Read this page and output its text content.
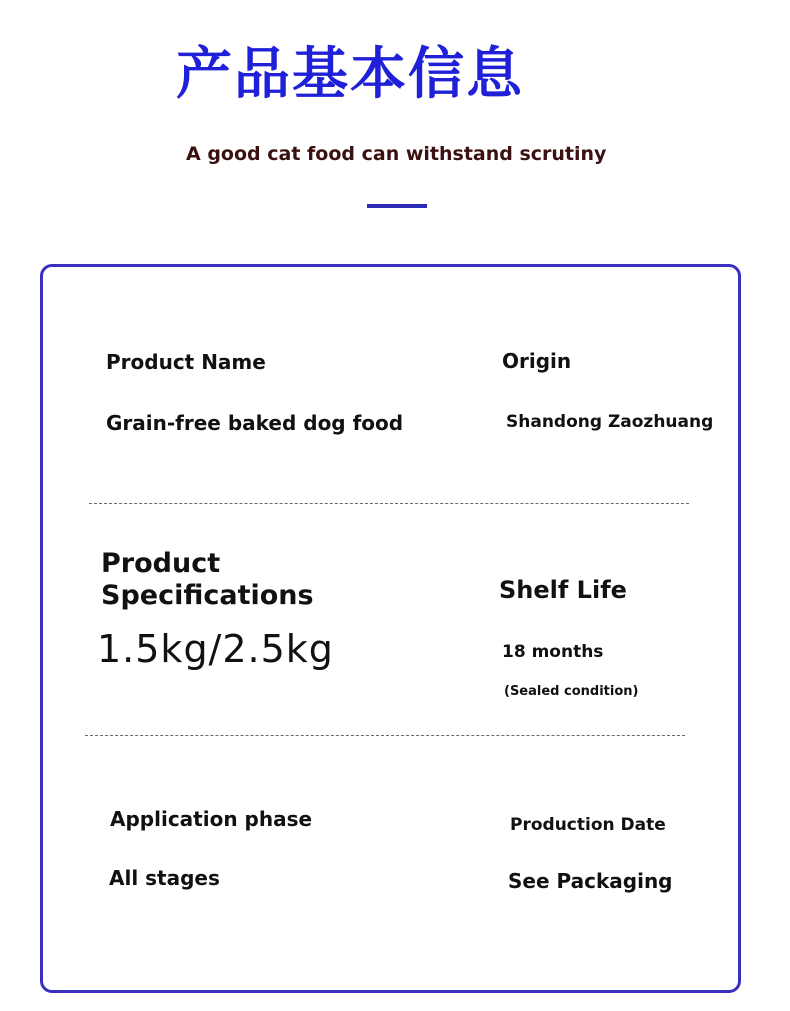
产品基本信息
A good cat food can withstand scrutiny
Product Name
Grain-free baked dog food
Origin
Shandong Zaozhuang
Product
Specifications
1.5kg/2.5kg
Shelf Life
18 months
(Sealed condition)
Application phase
All stages
Production Date
See Packaging
